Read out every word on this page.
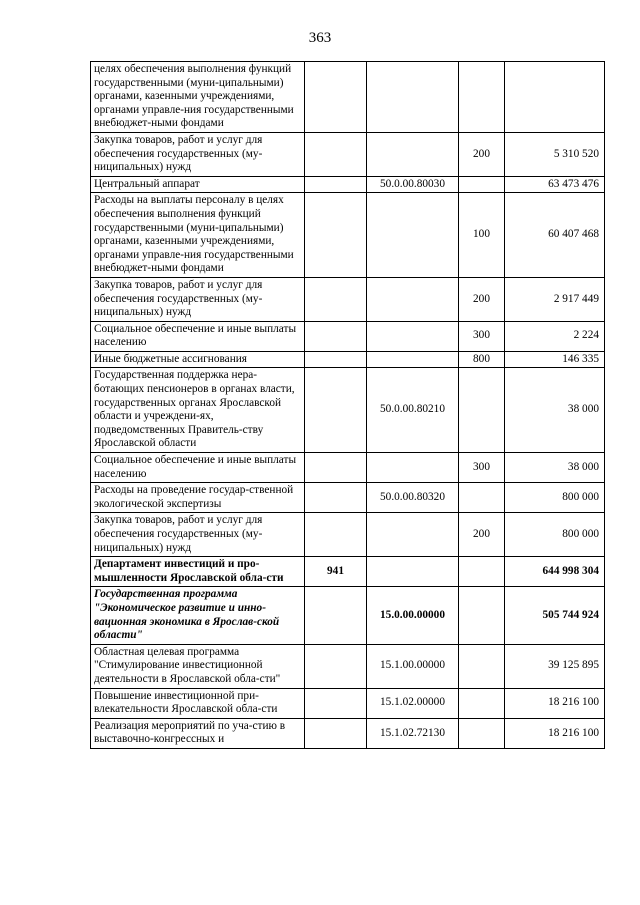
363
целях обеспечения выполнения функций государственными (муни-ципальными) органами, казенными учреждениями, органами управле-ния государственными внебюджет-ными фондами				
Закупка товаров, работ и услуг для обеспечения государственных (му-ниципальных) нужд			200	5 310 520
Центральный аппарат		50.0.00.80030		63 473 476
Расходы на выплаты персоналу в целях обеспечения выполнения функций государственными (муни-ципальными) органами, казенными учреждениями, органами управле-ния государственными внебюджет-ными фондами			100	60 407 468
Закупка товаров, работ и услуг для обеспечения государственных (му-ниципальных) нужд			200	2 917 449
Социальное обеспечение и иные выплаты населению			300	2 224
Иные бюджетные ассигнования			800	146 335
Государственная поддержка нера-ботающих пенсионеров в органах власти, государственных органах Ярославской области и учреждени-ях, подведомственных Правитель-ству Ярославской области		50.0.00.80210		38 000
Социальное обеспечение и иные выплаты населению			300	38 000
Расходы на проведение государ-ственной экологической экспертизы		50.0.00.80320		800 000
Закупка товаров, работ и услуг для обеспечения государственных (му-ниципальных) нужд			200	800 000
Департамент инвестиций и про-мышленности Ярославской обла-сти	941			644 998 304
Государственная программа "Экономическое развитие и инно-вационная экономика в Ярослав-ской области"		15.0.00.00000		505 744 924
Областная целевая программа "Стимулирование инвестиционной деятельности в Ярославской обла-сти"		15.1.00.00000		39 125 895
Повышение инвестиционной при-влекательности Ярославской обла-сти		15.1.02.00000		18 216 100
Реализация мероприятий по уча-стию в выставочно-конгрессных и		15.1.02.72130		18 216 100
